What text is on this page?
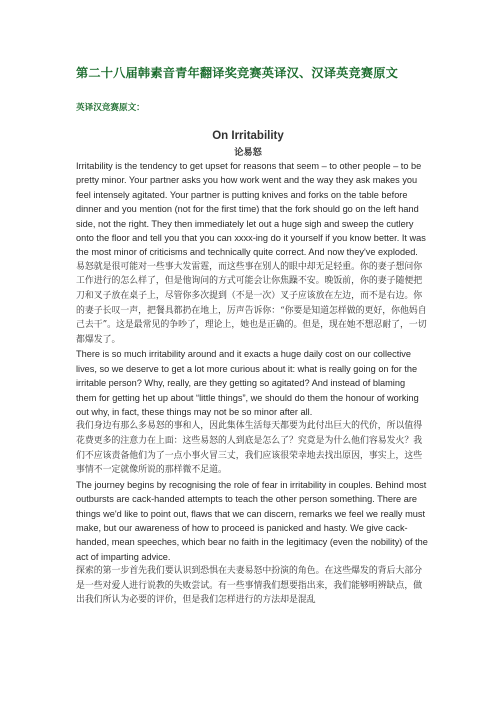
第二十八届韩素音青年翻译奖竞赛英译汉、汉译英竞赛原文
英译汉竞赛原文：
On Irritability
论易怒

Irritability is the tendency to get upset for reasons that seem – to other people – to be pretty minor. Your partner asks you how work went and the way they ask makes you feel intensely agitated. Your partner is putting knives and forks on the table before dinner and you mention (not for the first time) that the fork should go on the left hand side, not the right. They then immediately let out a huge sigh and sweep the cutlery onto the floor and tell you that you can xxxx-ing do it yourself if you know better. It was the most minor of criticisms and technically quite correct. And now they've exploded.

易怒就是很可能对一些事大发雷霆，而这些事在别人的眼中却无足轻重。你的妻子想问你工作进行的怎么样了，但是他询问的方式可能会让你焦躁不安。晚饭前，你的妻子随便把刀和叉子放在桌子上，尽管你多次提到（不是一次）叉子应该放在左边，而不是右边。你的妻子长叹一声，把餐具都扔在地上，厉声告诉你：“你要是知道怎样做的更好，你他妈自己去干”。这是最常见的争吵了，理论上，她也是正确的。但是，现在她不想忍耐了，一切都爆发了。

There is so much irritability around and it exacts a huge daily cost on our collective lives, so we deserve to get a lot more curious about it: what is really going on for the irritable person? Why, really, are they getting so agitated? And instead of blaming them for getting het up about “little things”, we should do them the honour of working out why, in fact, these things may not be so minor after all.

我们身边有那么多易怒的事和人，因此集体生活每天都要为此付出巨大的代价，所以值得花费更多的注意力在上面：这些易怒的人到底是怎么了？究竟是为什么他们容易发火？我们不应该责备他们为了一点小事火冒三丈，我们应该很荣幸地去找出原因，事实上，这些事情不一定就像所说的那样微不足道。

The journey begins by recognising the role of fear in irritability in couples. Behind most outbursts are cack-handed attempts to teach the other person something. There are things we'd like to point out, flaws that we can discern, remarks we feel we really must make, but our awareness of how to proceed is panicked and hasty. We give cack-handed, mean speeches, which bear no faith in the legitimacy (even the nobility) of the act of imparting advice.

探索的第一步首先我们要认识到恐惧在夫妻易怒中扮演的角色。在这些爆发的背后大部分是一些对爱人进行说教的失败尝试。有一些事情我们想要指出来，我们能够明辨缺点，做出我们所认为必要的评价，但是我们怎样进行的方法却是混乱
